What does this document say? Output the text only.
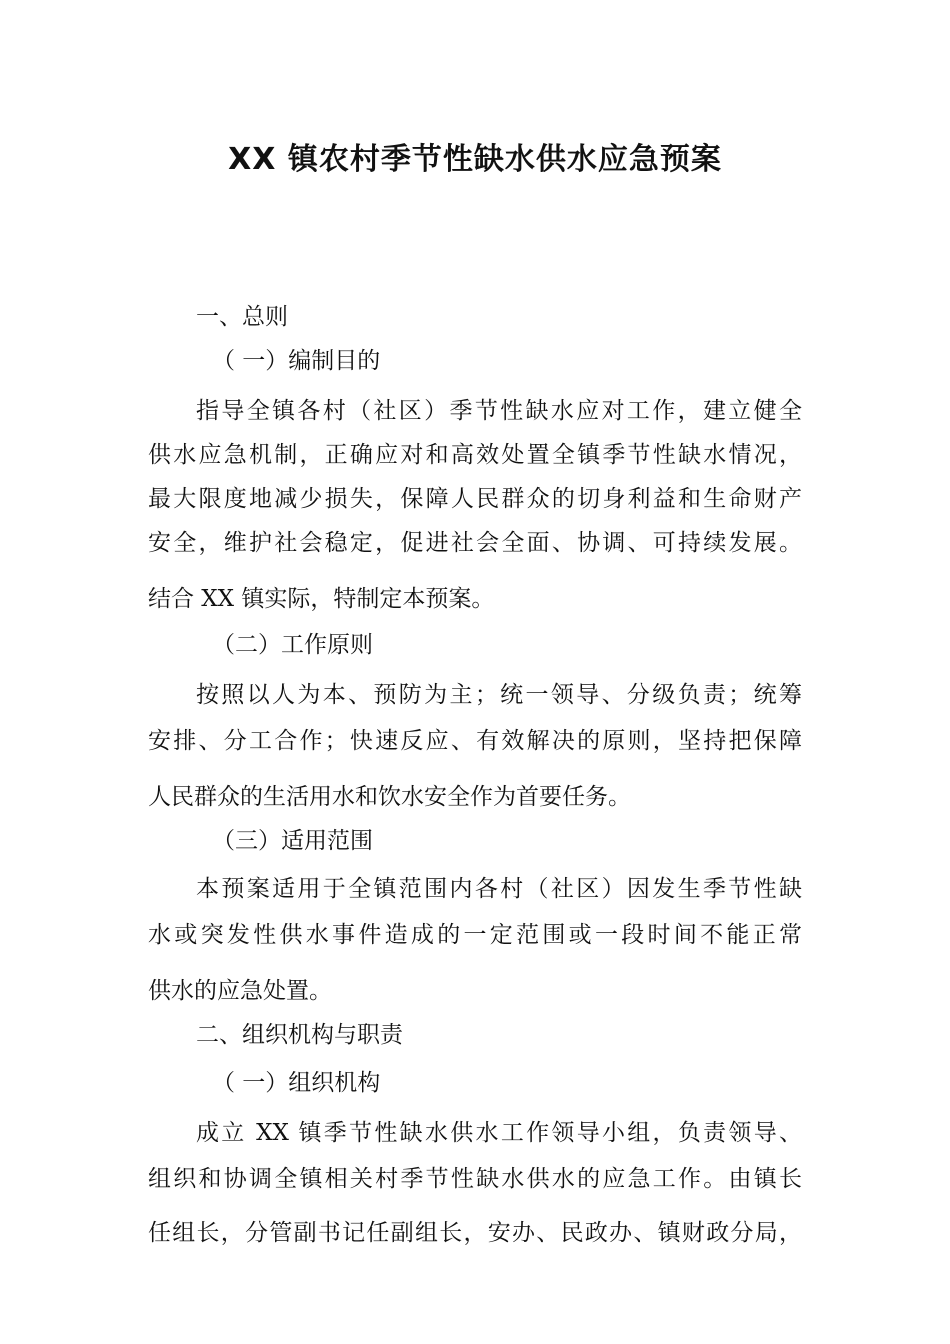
XX 镇农村季节性缺水供水应急预案

一、总则

（ 一）编制目的

指导全镇各村（社区）季节性缺水应对工作，建立健全

供水应急机制，正确应对和高效处置全镇季节性缺水情况，

最大限度地减少损失，保障人民群众的切身利益和生命财产

安全，维护社会稳定，促进社会全面、协调、可持续发展。

结合 XX 镇实际，特制定本预案。

（二）工作原则

按照以人为本、预防为主；统一领导、分级负责；统筹

安排、分工合作；快速反应、有效解决的原则，坚持把保障

人民群众的生活用水和饮水安全作为首要任务。

（三）适用范围

本预案适用于全镇范围内各村（社区）因发生季节性缺

水或突发性供水事件造成的一定范围或一段时间不能正常

供水的应急处置。

二、组织机构与职责

（ 一）组织机构

成立 XX 镇季节性缺水供水工作领导小组，负责领导、

组织和协调全镇相关村季节性缺水供水的应急工作。由镇长

任组长，分管副书记任副组长，安办、民政办、镇财政分局，
